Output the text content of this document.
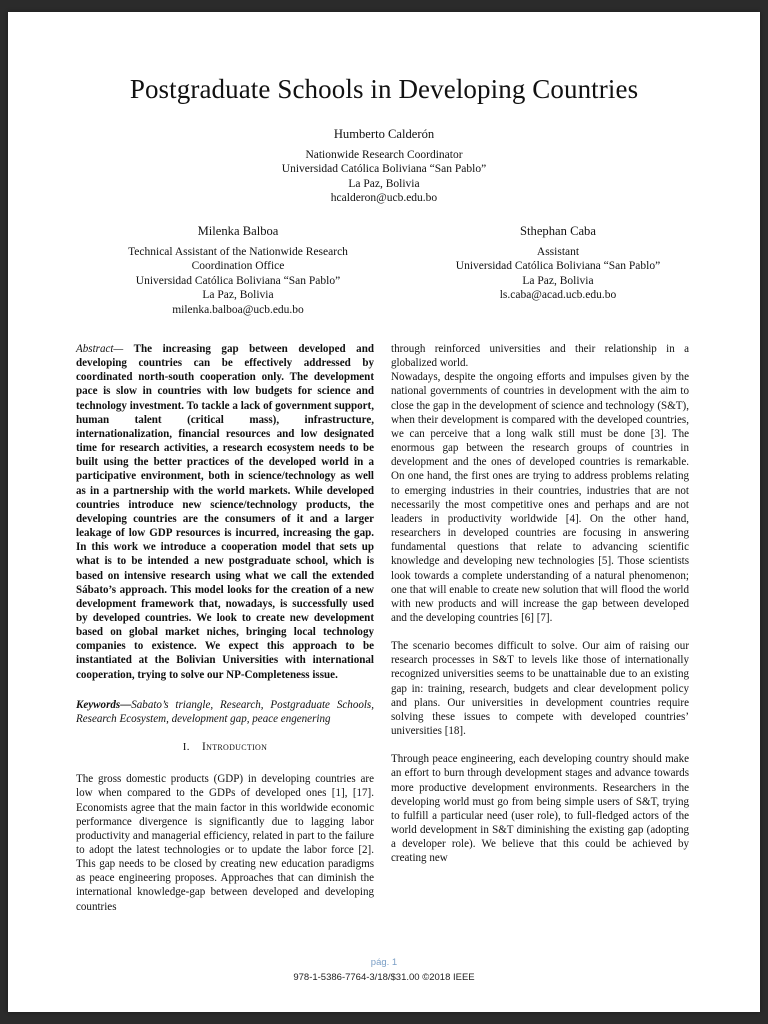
Postgraduate Schools in Developing Countries
Humberto Calderón
Nationwide Research Coordinator
Universidad Católica Boliviana “San Pablo”
La Paz, Bolivia
hcalderon@ucb.edu.bo
Milenka Balboa
Technical Assistant of the Nationwide Research
Coordination Office
Universidad Católica Boliviana “San Pablo”
La Paz, Bolivia
milenka.balboa@ucb.edu.bo
Sthephan Caba
Assistant
Universidad Católica Boliviana “San Pablo”
La Paz, Bolivia
ls.caba@acad.ucb.edu.bo

Abstract— The increasing gap between developed and developing countries can be effectively addressed by coordinated north-south cooperation only. The development pace is slow in countries with low budgets for science and technology investment. To tackle a lack of government support, human talent (critical mass), infrastructure, internationalization, financial resources and low designated time for research activities, a research ecosystem needs to be built using the better practices of the developed world in a participative environment, both in science/technology as well as in a partnership with the world markets. While developed countries introduce new science/technology products, the developing countries are the consumers of it and a larger leakage of low GDP resources is incurred, increasing the gap. In this work we introduce a cooperation model that sets up what is to be intended a new postgraduate school, which is based on intensive research using what we call the extended Sábato’s approach. This model looks for the creation of a new development framework that, nowadays, is successfully used by developed countries. We look to create new development based on global market niches, bringing local technology companies to existence. We expect this approach to be instantiated at the Bolivian Universities with international cooperation, trying to solve our NP-Completeness issue.

Keywords—Sabato’s triangle, Research, Postgraduate Schools, Research Ecosystem, development gap, peace engenering

I. Introduction

The gross domestic products (GDP) in developing countries are low when compared to the GDPs of developed ones [1], [17]. Economists agree that the main factor in this worldwide economic performance divergence is significantly due to lagging labor productivity and managerial efficiency, related in part to the failure to adopt the latest technologies or to update the labor force [2]. This gap needs to be closed by creating new education paradigms as peace engineering proposes. Approaches that can diminish the international knowledge-gap between developed and developing countries

through reinforced universities and their relationship in a globalized world.

Nowadays, despite the ongoing efforts and impulses given by the national governments of countries in development with the aim to close the gap in the development of science and technology (S&T), when their development is compared with the developed countries, we can perceive that a long walk still must be done [3]. The enormous gap between the research groups of countries in development and the ones of developed countries is remarkable. On one hand, the first ones are trying to address problems relating to emerging industries in their countries, industries that are not necessarily the most competitive ones and perhaps and are not leaders in productivity worldwide [4]. On the other hand, researchers in developed countries are focusing in answering fundamental questions that relate to advancing scientific knowledge and developing new technologies [5]. Those scientists look towards a complete understanding of a natural phenomenon; one that will enable to create new solution that will flood the world with new products and will increase the gap between developed and the developing countries [6] [7].

The scenario becomes difficult to solve. Our aim of raising our research processes in S&T to levels like those of internationally recognized universities seems to be unattainable due to an existing gap in: training, research, budgets and clear development policy and plans. Our universities in development countries require solving these issues to compete with developed countries’ universities [18].

Through peace engineering, each developing country should make an effort to burn through development stages and advance towards more productive development environments. Researchers in the developing world must go from being simple users of S&T, trying to fulfill a particular need (user role), to full-fledged actors of the world development in S&T diminishing the existing gap (adopting a developer role). We believe that this could be achieved by creating new

pág. 1
978-1-5386-7764-3/18/$31.00 ©2018 IEEE
